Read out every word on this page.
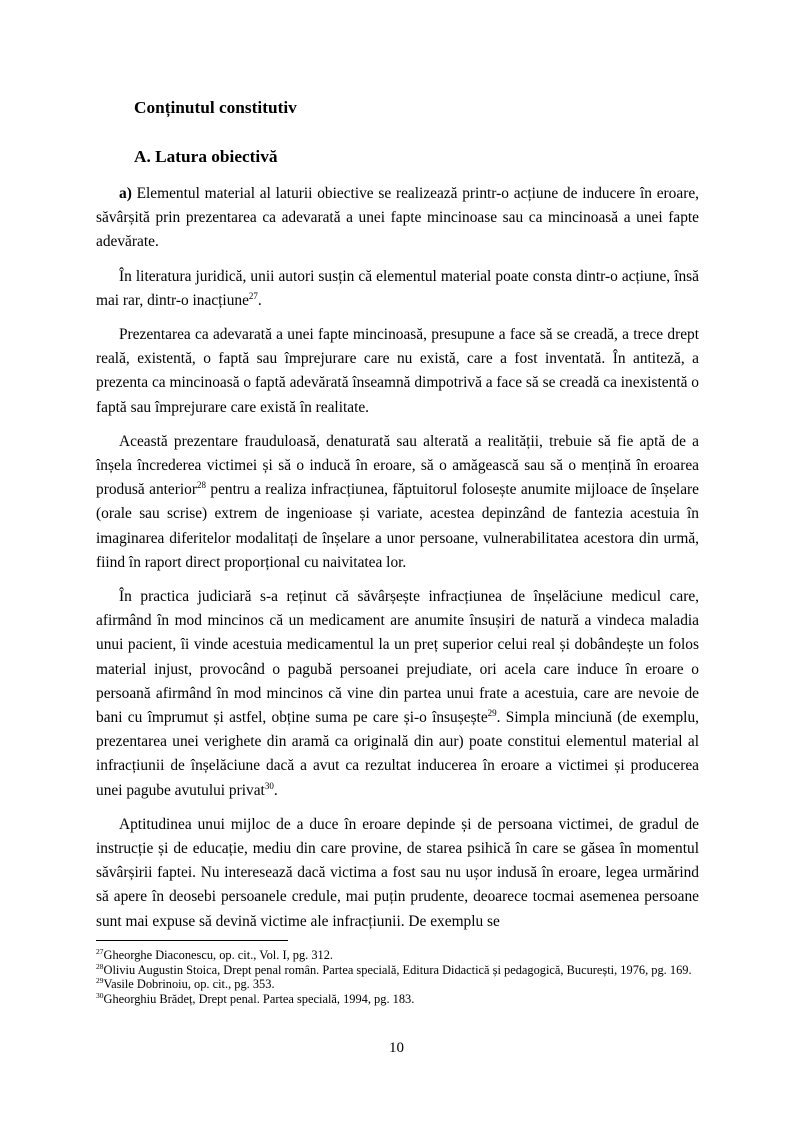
Conținutul constitutiv
A. Latura obiectivă

a) Elementul material al laturii obiective se realizează printr-o acțiune de inducere în eroare, săvârșită prin prezentarea ca adevarată a unei fapte mincinoase sau ca mincinoasă a unei fapte adevărate.

În literatura juridică, unii autori susțin că elementul material poate consta dintr-o acțiune, însă mai rar, dintr-o inacțiune$^{27}$.

Prezentarea ca adevarată a unei fapte mincinoasă, presupune a face să se creadă, a trece drept reală, existentă, o faptă sau împrejurare care nu există, care a fost inventată. În antiteză, a prezenta ca mincinoasă o faptă adevărată înseamnă dimpotrivă a face să se creadă ca inexistentă o faptă sau împrejurare care există în realitate.

Această prezentare frauduloasă, denaturată sau alterată a realității, trebuie să fie aptă de a înșela încrederea victimei și să o inducă în eroare, să o amăgească sau să o mențină în eroarea produsă anterior$^{28}$ pentru a realiza infracțiunea, făptuitorul folosește anumite mijloace de înșelare (orale sau scrise) extrem de ingenioase și variate, acestea depinzând de fantezia acestuia în imaginarea diferitelor modalitați de înșelare a unor persoane, vulnerabilitatea acestora din urmă, fiind în raport direct proporțional cu naivitatea lor.

În practica judiciară s-a reținut că săvârșește infracțiunea de înșelăciune medicul care, afirmând în mod mincinos că un medicament are anumite însușiri de natură a vindeca maladia unui pacient, îi vinde acestuia medicamentul la un preț superior celui real și dobândește un folos material injust, provocând o pagubă persoanei prejudiate, ori acela care induce în eroare o persoană afirmând în mod mincinos că vine din partea unui frate a acestuia, care are nevoie de bani cu împrumut și astfel, obține suma pe care și-o însușește$^{29}$. Simpla minciună (de exemplu, prezentarea unei verighete din aramă ca originală din aur) poate constitui elementul material al infracțiunii de înșelăciune dacă a avut ca rezultat inducerea în eroare a victimei și producerea unei pagube avutului privat$^{30}$.

Aptitudinea unui mijloc de a duce în eroare depinde și de persoana victimei, de gradul de instrucție și de educație, mediu din care provine, de starea psihică în care se găsea în momentul săvârșirii faptei. Nu interesează dacă victima a fost sau nu ușor indusă în eroare, legea urmărind să apere în deosebi persoanele credule, mai puțin prudente, deoarece tocmai asemenea persoane sunt mai expuse să devină victime ale infracțiunii. De exemplu se

$^{27}$Gheorghe Diaconescu, op. cit., Vol. I, pg. 312.
$^{28}$Oliviu Augustin Stoica, Drept penal român. Partea specială, Editura Didactică și pedagogică, București, 1976, pg. 169.
$^{29}$Vasile Dobrinoiu, op. cit., pg. 353.
$^{30}$Gheorghiu Brădeț, Drept penal. Partea specială, 1994, pg. 183.
10
